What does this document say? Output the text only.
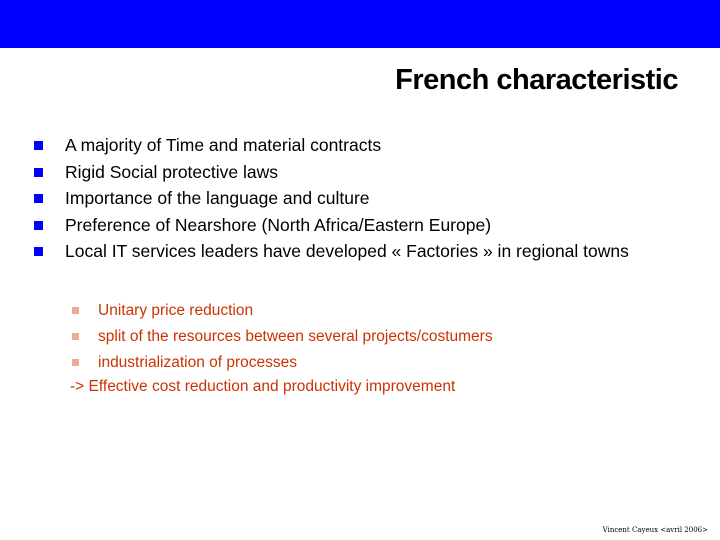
French characteristic
A majority of Time and material contracts
Rigid Social protective laws
Importance of the language and culture
Preference of Nearshore (North Africa/Eastern Europe)
Local IT services leaders have developed « Factories » in regional towns
Unitary price reduction
split of the resources between several projects/costumers
industrialization of processes
-> Effective cost reduction and productivity improvement
Vincent Cayeux <avril 2006>
